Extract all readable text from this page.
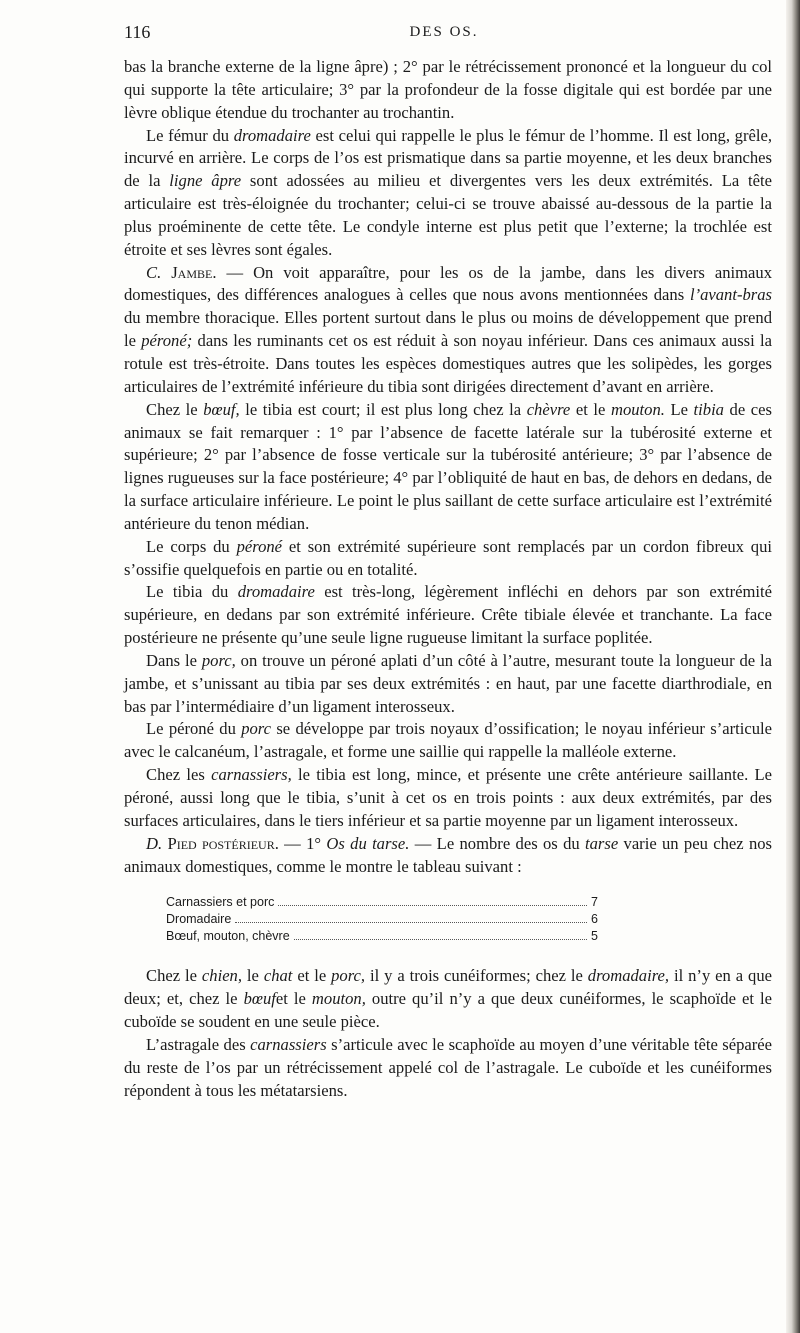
116	DES OS.

bas la branche externe de la ligne âpre) ; 2° par le rétrécissement prononcé et la longueur du col qui supporte la tête articulaire; 3° par la profondeur de la fosse digitale qui est bordée par une lèvre oblique étendue du trochanter au trochantin.

Le fémur du dromadaire est celui qui rappelle le plus le fémur de l’homme. Il est long, grêle, incurvé en arrière. Le corps de l’os est prismatique dans sa partie moyenne, et les deux branches de la ligne âpre sont adossées au milieu et divergentes vers les deux extrémités. La tête articulaire est très-éloignée du trochanter; celui-ci se trouve abaissé au-dessous de la partie la plus proéminente de cette tête. Le condyle interne est plus petit que l’externe; la trochlée est étroite et ses lèvres sont égales.

C. Jambe. — On voit apparaître, pour les os de la jambe, dans les divers animaux domestiques, des différences analogues à celles que nous avons mentionnées dans l’avant-bras du membre thoracique. Elles portent surtout dans le plus ou moins de développement que prend le péroné; dans les ruminants cet os est réduit à son noyau inférieur. Dans ces animaux aussi la rotule est très-étroite. Dans toutes les espèces domestiques autres que les solipèdes, les gorges articulaires de l’extrémité inférieure du tibia sont dirigées directement d’avant en arrière.

Chez le bœuf, le tibia est court; il est plus long chez la chèvre et le mouton. Le tibia de ces animaux se fait remarquer : 1° par l’absence de facette latérale sur la tubérosité externe et supérieure; 2° par l’absence de fosse verticale sur la tubérosité antérieure; 3° par l’absence de lignes rugueuses sur la face postérieure; 4° par l’obliquité de haut en bas, de dehors en dedans, de la surface articulaire inférieure. Le point le plus saillant de cette surface articulaire est l’extrémité antérieure du tenon médian.

Le corps du péroné et son extrémité supérieure sont remplacés par un cordon fibreux qui s’ossifie quelquefois en partie ou en totalité.

Le tibia du dromadaire est très-long, légèrement infléchi en dehors par son extrémité supérieure, en dedans par son extrémité inférieure. Crête tibiale élevée et tranchante. La face postérieure ne présente qu’une seule ligne rugueuse limitant la surface poplitée.

Dans le porc, on trouve un péroné aplati d’un côté à l’autre, mesurant toute la longueur de la jambe, et s’unissant au tibia par ses deux extrémités : en haut, par une facette diarthrodiale, en bas par l’intermédiaire d’un ligament interosseux.

Le péroné du porc se développe par trois noyaux d’ossification; le noyau inférieur s’articule avec le calcanéum, l’astragale, et forme une saillie qui rappelle la malléole externe.

Chez les carnassiers, le tibia est long, mince, et présente une crête antérieure saillante. Le péroné, aussi long que le tibia, s’unit à cet os en trois points : aux deux extrémités, par des surfaces articulaires, dans le tiers inférieur et sa partie moyenne par un ligament interosseux.

D. Pied postérieur. — 1° Os du tarse. — Le nombre des os du tarse varie un peu chez nos animaux domestiques, comme le montre le tableau suivant :

Carnassiers et porc	7
Dromadaire	6
Bœuf, mouton, chèvre	5

Chez le chien, le chat et le porc, il y a trois cunéiformes; chez le dromadaire, il n’y en a que deux; et, chez le bœufet le mouton, outre qu’il n’y a que deux cunéiformes, le scaphoïde et le cuboïde se soudent en une seule pièce.

L’astragale des carnassiers s’articule avec le scaphoïde au moyen d’une véritable tête séparée du reste de l’os par un rétrécissement appelé col de l’astragale. Le cuboïde et les cunéiformes répondent à tous les métatarsiens.
